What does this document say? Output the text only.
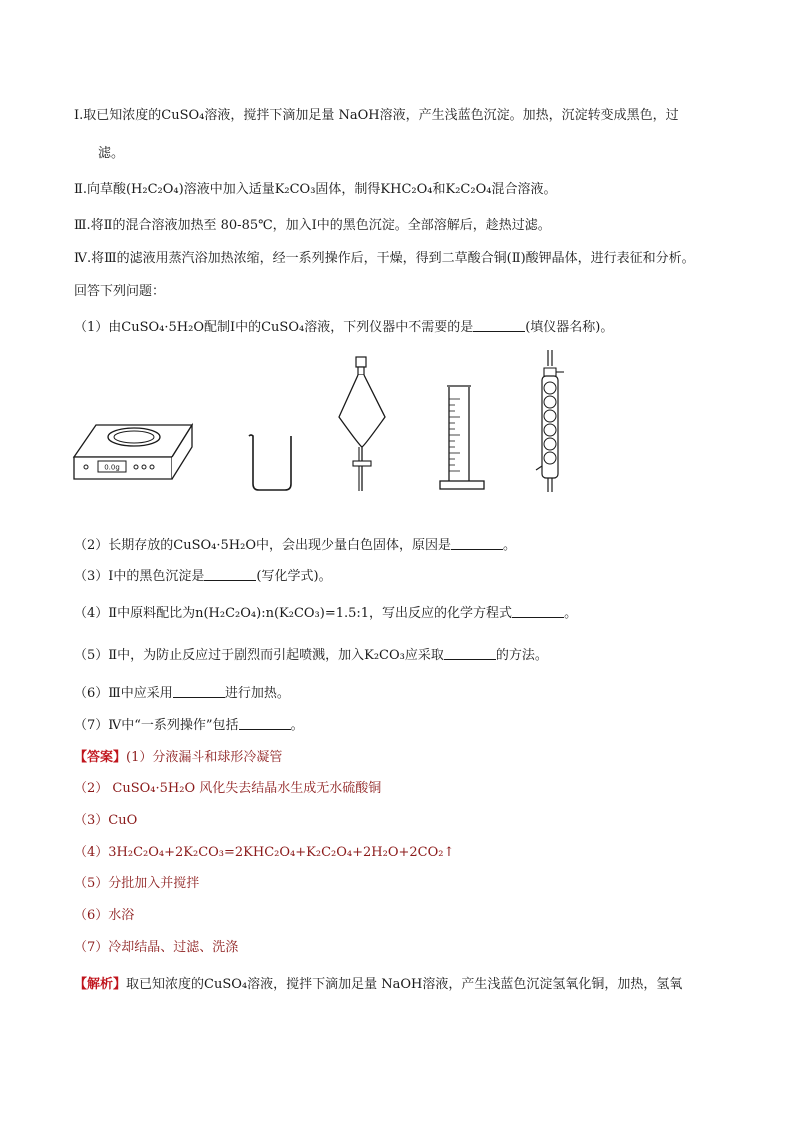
Ⅰ.取已知浓度的CuSO₄溶液，搅拌下滴加足量 NaOH溶液，产生浅蓝色沉淀。加热，沉淀转变成黑色，过
滤。
Ⅱ.向草酸(H₂C₂O₄)溶液中加入适量K₂CO₃固体，制得KHC₂O₄和K₂C₂O₄混合溶液。
Ⅲ.将Ⅱ的混合溶液加热至 80-85℃，加入Ⅰ中的黑色沉淀。全部溶解后，趁热过滤。
Ⅳ.将Ⅲ的滤液用蒸汽浴加热浓缩，经一系列操作后，干燥，得到二草酸合铜(Ⅱ)酸钾晶体，进行表征和分析。
回答下列问题：
（1）由CuSO₄·5H₂O配制Ⅰ中的CuSO₄溶液，下列仪器中不需要的是	(填仪器名称)。
0.0g
（2）长期存放的CuSO₄·5H₂O中，会出现少量白色固体，原因是	。
（3）Ⅰ中的黑色沉淀是	(写化学式)。
（4）Ⅱ中原料配比为n(H₂C₂O₄):n(K₂CO₃)=1.5:1，写出反应的化学方程式	。
（5）Ⅱ中，为防止反应过于剧烈而引起喷溅，加入K₂CO₃应采取	的方法。
（6）Ⅲ中应采用	进行加热。
（7）Ⅳ中“一系列操作”包括	。
【答案】(1）分液漏斗和球形冷凝管
（2） CuSO₄·5H₂O 风化失去结晶水生成无水硫酸铜
（3）CuO
（4）3H₂C₂O₄+2K₂CO₃=2KHC₂O₄+K₂C₂O₄+2H₂O+2CO₂↑
（5）分批加入并搅拌
（6）水浴
（7）冷却结晶、过滤、洗涤
【解析】取已知浓度的CuSO₄溶液，搅拌下滴加足量 NaOH溶液，产生浅蓝色沉淀氢氧化铜，加热，氢氧
